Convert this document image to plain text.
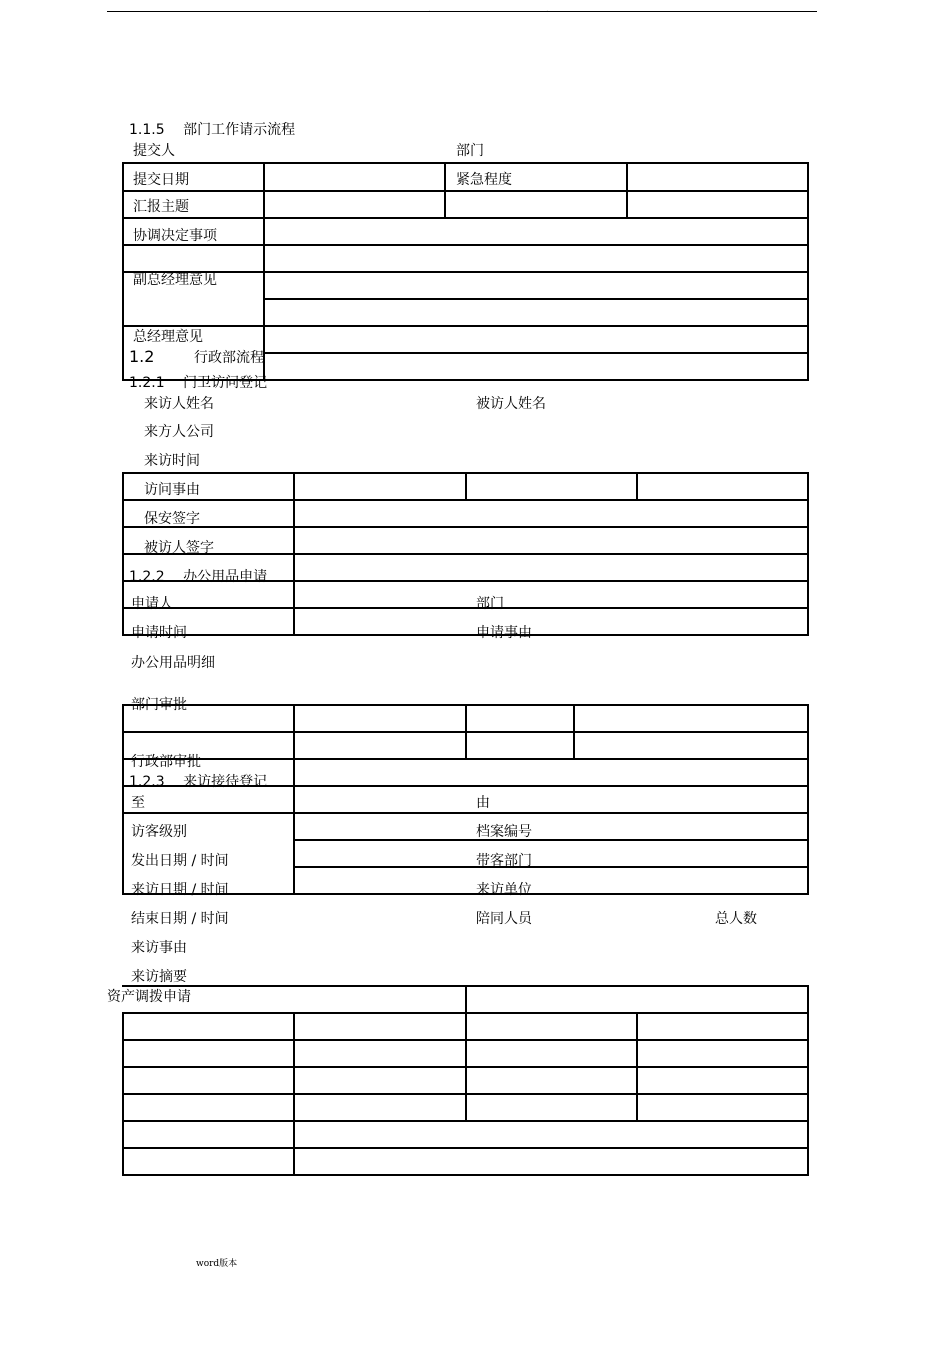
. .
1.1.5 部门工作请示流程
提交人	部门
提交日期	紧急程度
汇报主题
协调决定事项
副总经理意见
总经理意见
1.2	行政部流程
1.2.1 门卫访问登记
来访人姓名	被访人姓名
来方人公司
来访时间
访问事由
保安签字
被访人签字
1.2.2 办公用品申请
申请人	部门
申请时间	申请事由
办公用品明细
部门审批
行政部审批
1.2.3 来访接待登记
至	由
访客级别	档案编号
发出日期 / 时间	带客部门
来访日期 / 时间	来访单位
结束日期 / 时间	陪同人员	总人数
来访事由
来访摘要
资产调拨申请
word版本
